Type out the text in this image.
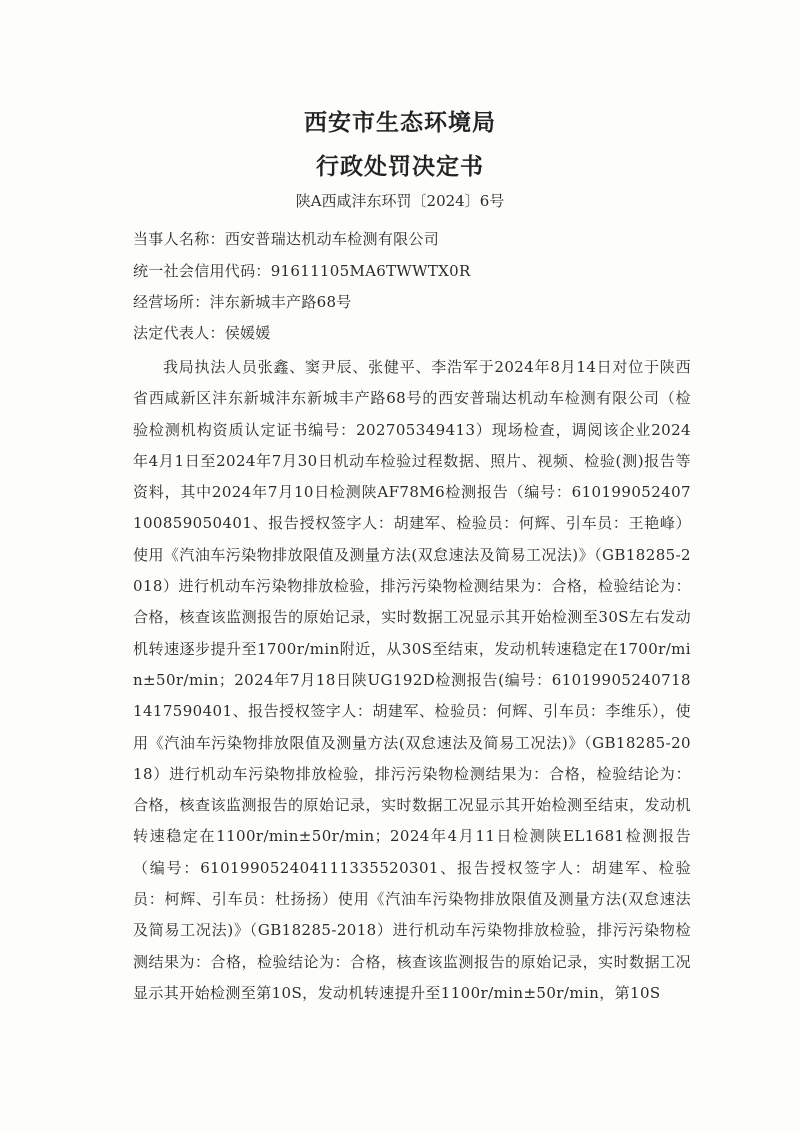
西安市生态环境局
行政处罚决定书
陕A西咸沣东环罚〔2024〕6号
当事人名称：西安普瑞达机动车检测有限公司
统一社会信用代码：91611105MA6TWWTX0R
经营场所：沣东新城丰产路68号
法定代表人：侯媛媛

我局执法人员张鑫、窦尹辰、张健平、李浩军于2024年8月14日对位于陕西省西咸新区沣东新城沣东新城丰产路68号的西安普瑞达机动车检测有限公司（检验检测机构资质认定证书编号：202705349413）现场检查，调阅该企业2024年4月1日至2024年7月30日机动车检验过程数据、照片、视频、检验(测)报告等资料，其中2024年7月10日检测陕AF78M6检测报告（编号：610199052407100859050401、报告授权签字人：胡建军、检验员：何辉、引车员：王艳峰）使用《汽油车污染物排放限值及测量方法(双怠速法及简易工况法)》（GB18285-2018）进行机动车污染物排放检验，排污污染物检测结果为：合格，检验结论为：合格，核查该监测报告的原始记录，实时数据工况显示其开始检测至30S左右发动机转速逐步提升至1700r/min附近，从30S至结束，发动机转速稳定在1700r/min±50r/min；2024年7月18日陕UG192D检测报告(编号：610199052407181417590401、报告授权签字人：胡建军、检验员：何辉、引车员：李维乐），使用《汽油车污染物排放限值及测量方法(双怠速法及简易工况法)》（GB18285-2018）进行机动车污染物排放检验，排污污染物检测结果为：合格，检验结论为：合格，核查该监测报告的原始记录，实时数据工况显示其开始检测至结束，发动机转速稳定在1100r/min±50r/min；2024年4月11日检测陕EL1681检测报告（编号：610199052404111335520301、报告授权签字人：胡建军、检验员：柯辉、引车员：杜扬扬）使用《汽油车污染物排放限值及测量方法(双怠速法及简易工况法)》（GB18285-2018）进行机动车污染物排放检验，排污污染物检测结果为：合格，检验结论为：合格，核查该监测报告的原始记录，实时数据工况显示其开始检测至第10S，发动机转速提升至1100r/min±50r/min，第10S
